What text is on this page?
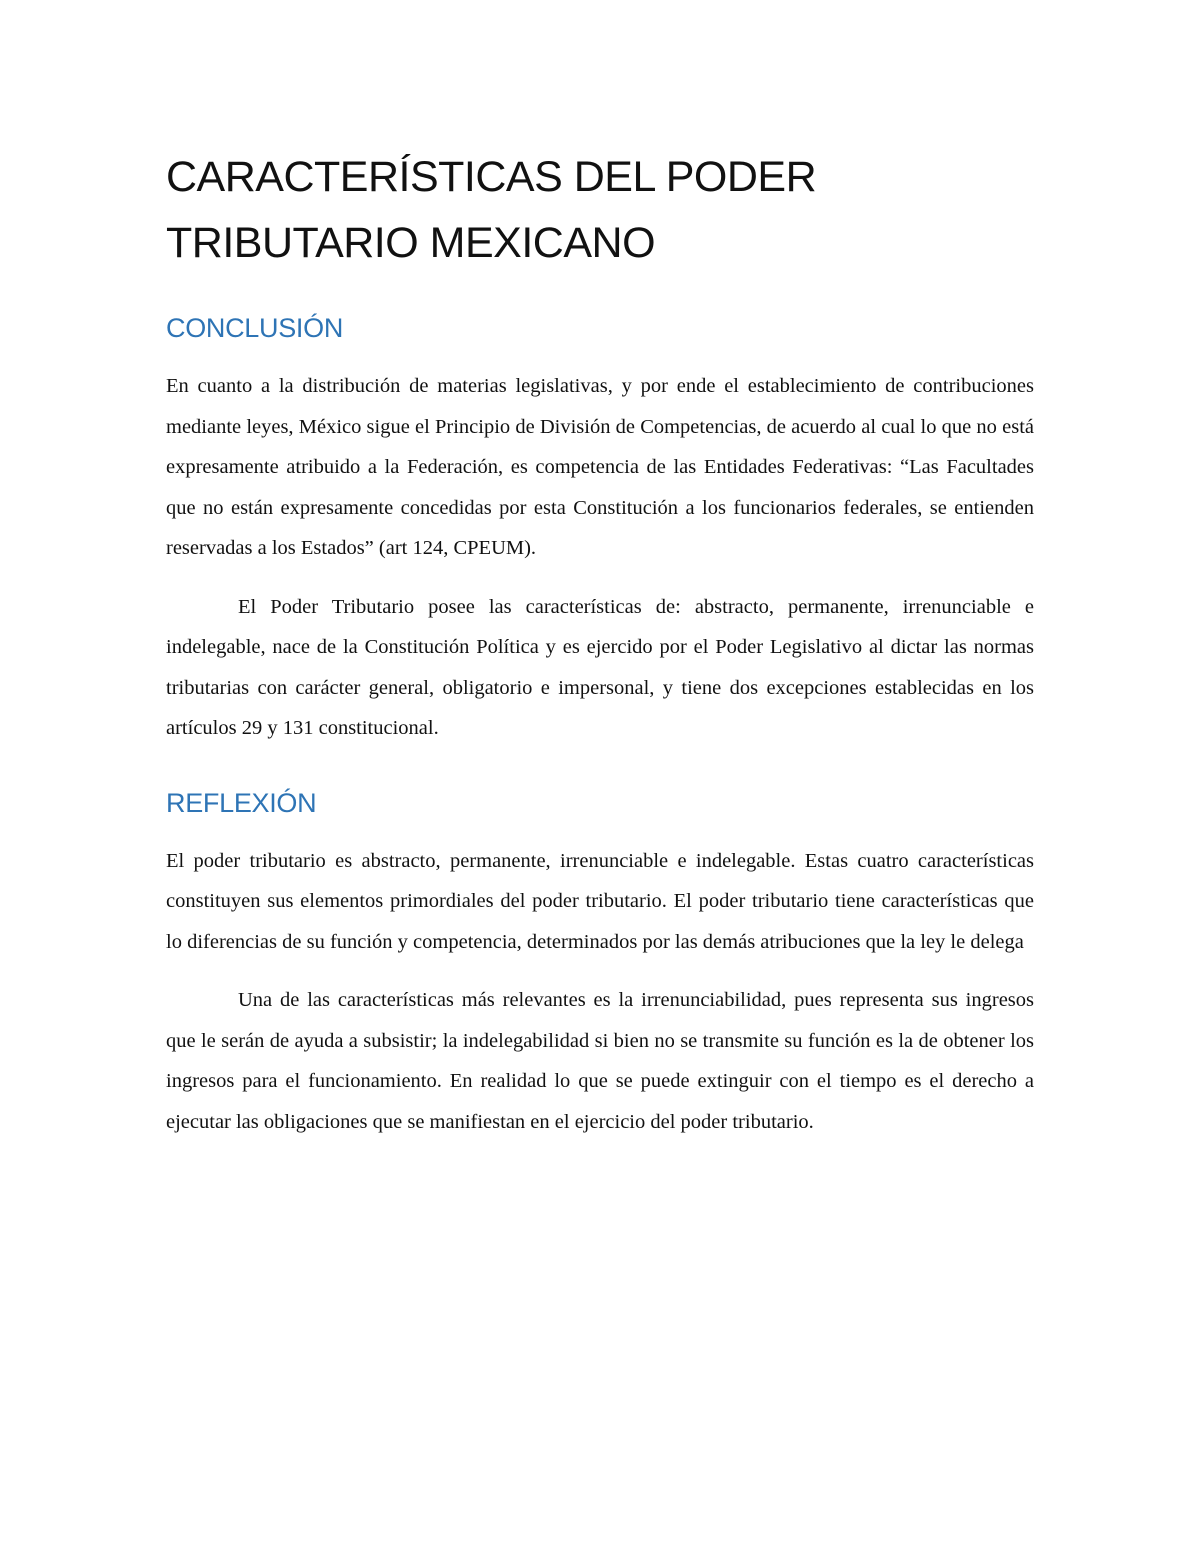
CARACTERÍSTICAS DEL PODER
TRIBUTARIO MEXICANO
CONCLUSIÓN

En cuanto a la distribución de materias legislativas, y por ende el establecimiento de contribuciones mediante leyes, México sigue el Principio de División de Competencias, de acuerdo al cual lo que no está expresamente atribuido a la Federación, es competencia de las Entidades Federativas: “Las Facultades que no están expresamente concedidas por esta Constitución a los funcionarios federales, se entienden reservadas a los Estados” (art 124, CPEUM).

El Poder Tributario posee las características de: abstracto, permanente, irrenunciable e indelegable, nace de la Constitución Política y es ejercido por el Poder Legislativo al dictar las normas tributarias con carácter general, obligatorio e impersonal, y tiene dos excepciones establecidas en los artículos 29 y 131 constitucional.

REFLEXIÓN

El poder tributario es abstracto, permanente, irrenunciable e indelegable. Estas cuatro características constituyen sus elementos primordiales del poder tributario. El poder tributario tiene características que lo diferencias de su función y competencia, determinados por las demás atribuciones que la ley le delega

Una de las características más relevantes es la irrenunciabilidad, pues representa sus ingresos que le serán de ayuda a subsistir; la indelegabilidad si bien no se transmite su función es la de obtener los ingresos para el funcionamiento. En realidad lo que se puede extinguir con el tiempo es el derecho a ejecutar las obligaciones que se manifiestan en el ejercicio del poder tributario.
